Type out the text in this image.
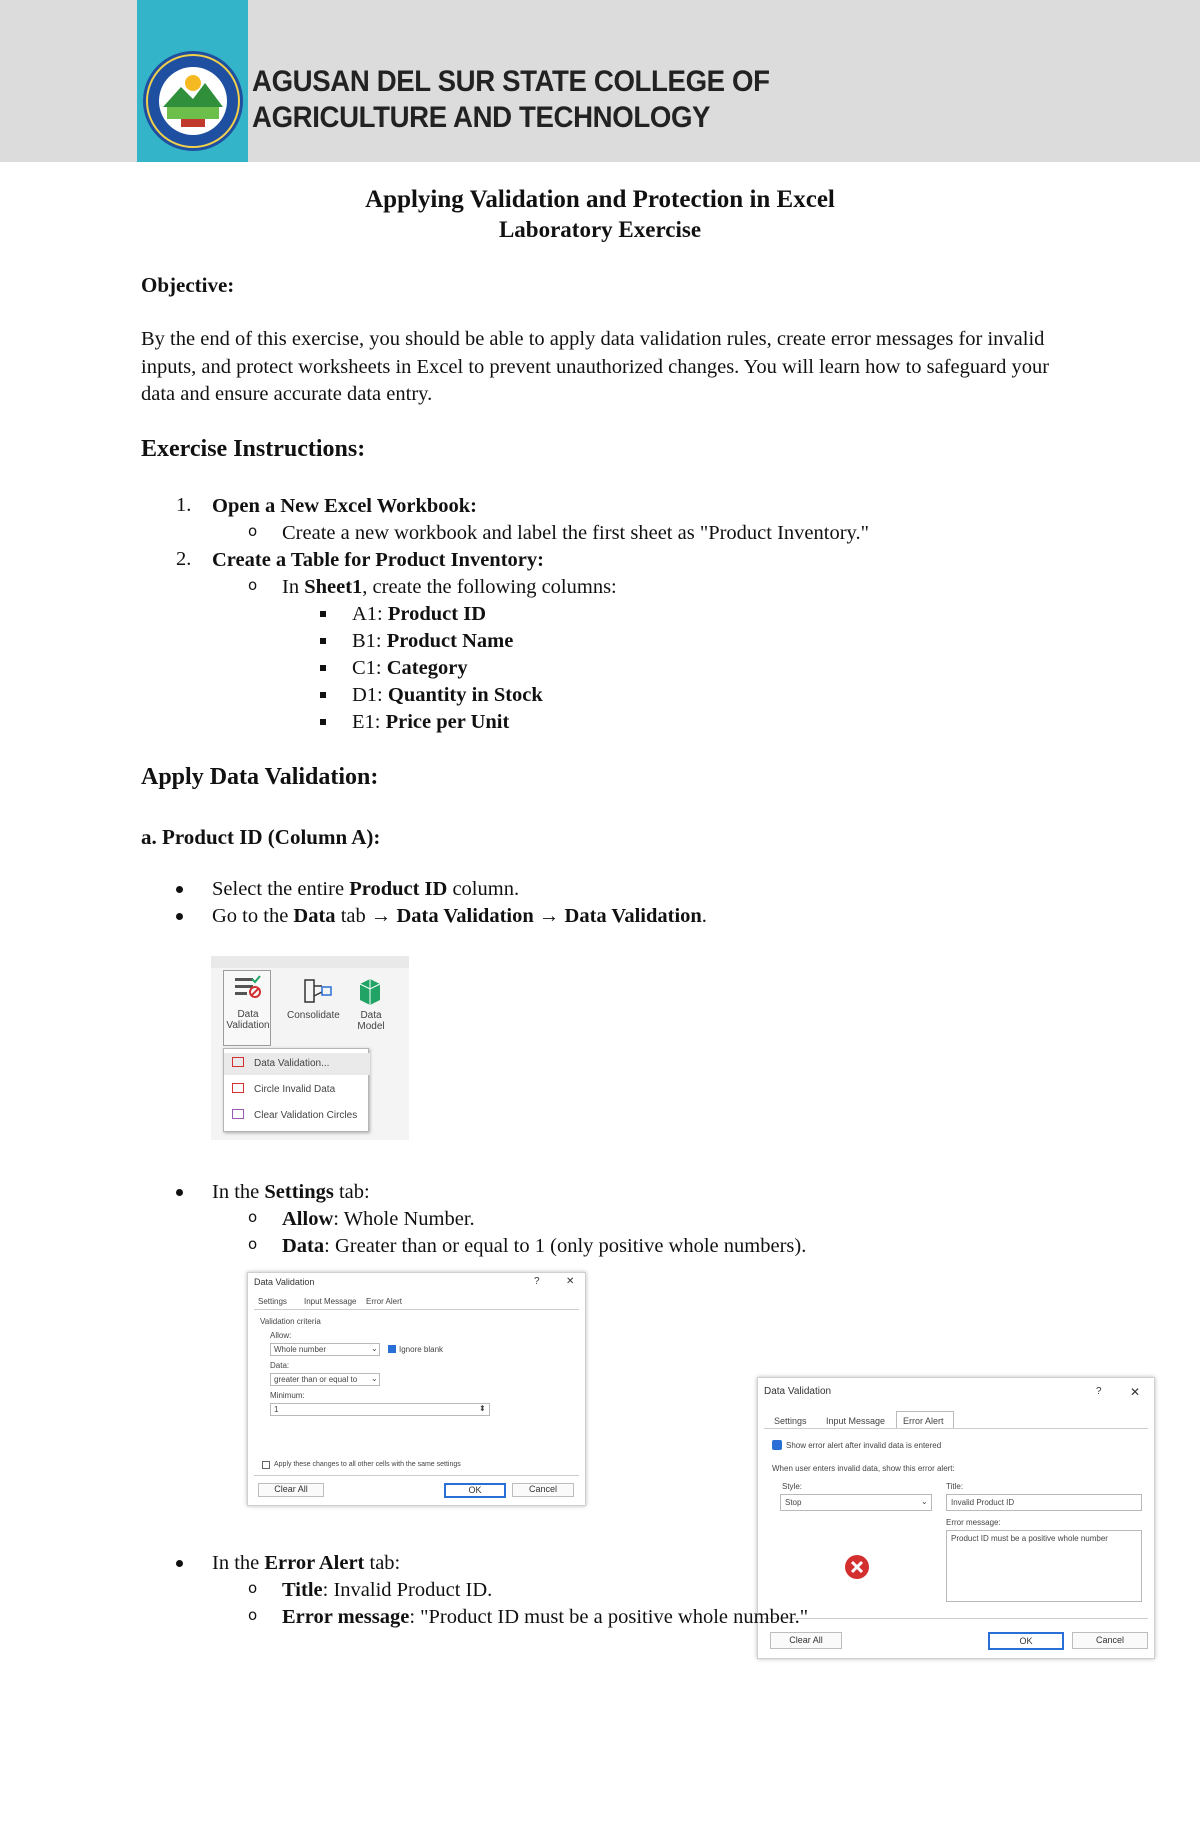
AGUSAN DEL SUR STATE COLLEGE OF
AGRICULTURE AND TECHNOLOGY
Applying Validation and Protection in Excel
Laboratory Exercise
Objective:
By the end of this exercise, you should be able to apply data validation rules, create error messages for invalid inputs, and protect worksheets in Excel to prevent unauthorized changes. You will learn how to safeguard your data and ensure accurate data entry.
Exercise Instructions:
1. Open a New Excel Workbook:
o Create a new workbook and label the first sheet as "Product Inventory."
2. Create a Table for Product Inventory:
o In Sheet1, create the following columns:
A1: Product ID
B1: Product Name
C1: Category
D1: Quantity in Stock
E1: Price per Unit
Apply Data Validation:
a. Product ID (Column A):
Select the entire Product ID column.
Go to the Data tab → Data Validation → Data Validation.
Data Validation
Consolidate	Data Model
Data Validation...
Circle Invalid Data
Clear Validation Circles
In the Settings tab:
o Allow: Whole Number.
o Data: Greater than or equal to 1 (only positive whole numbers).
Data Validation	?	✕
Settings Input Message Error Alert
Validation criteria
Allow:
Whole number	⌄	Ignore blank
Data:
greater than or equal to ⌄
Minimum:
1	⬍
Apply these changes to all other cells with the same settings
Clear All	OK	Cancel
Data Validation	? ✕
Settings Input Message Error Alert
Show error alert after invalid data is entered
When user enters invalid data, show this error alert:
Style:
Stop	⌄
Title:
Invalid Product ID
Error message:
Product ID must be a positive whole number
Clear All	OK	Cancel
In the Error Alert tab:
o Title: Invalid Product ID.
o Error message: "Product ID must be a positive whole number."
